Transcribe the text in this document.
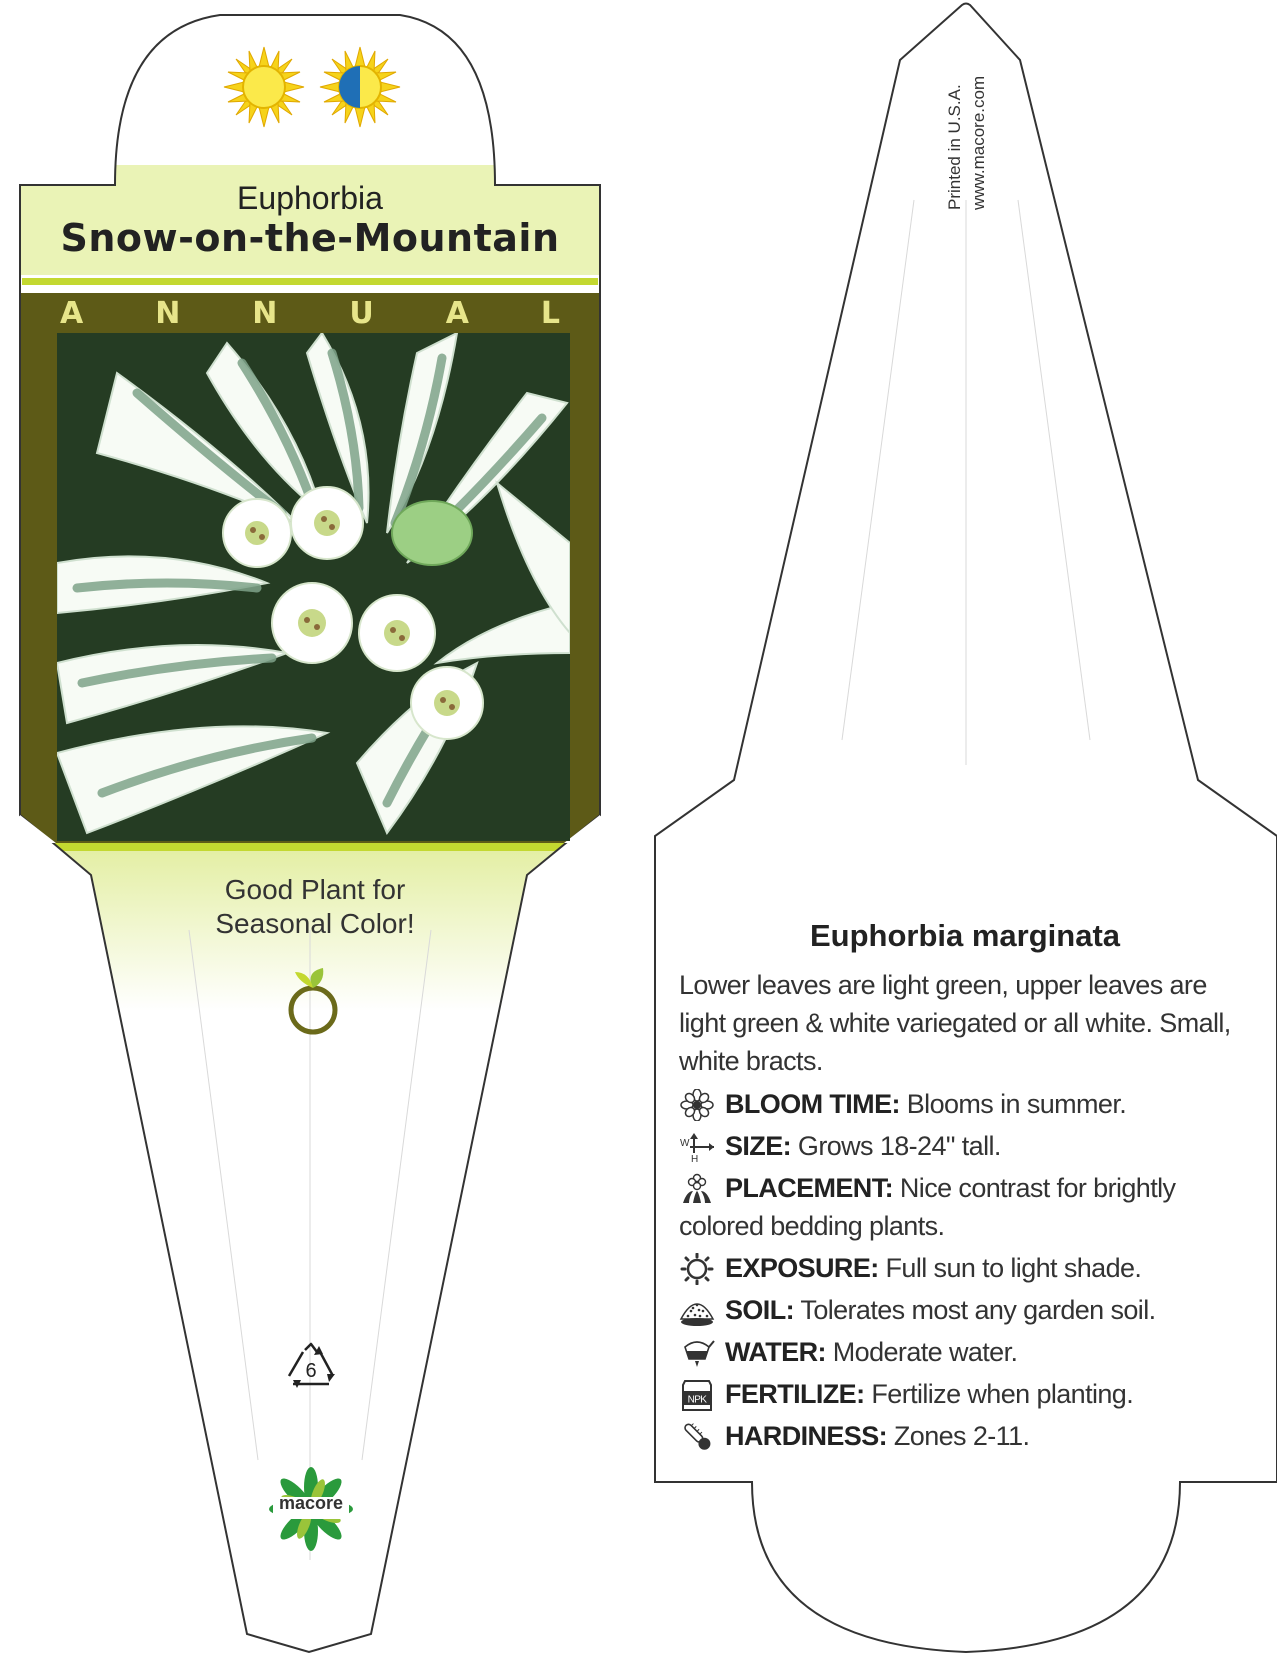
Euphorbia
Snow-on-the-Mountain
A N N U A L
Good Plant for
Seasonal Color!
6
macore
Printed in U.S.A. www.macore.com
Euphorbia marginata
Lower leaves are light green, upper leaves are light green & white variegated or all white. Small, white bracts.
BLOOM TIME: Blooms in summer.
W
H SIZE: Grows 18-24" tall.
PLACEMENT: Nice contrast for brightly colored bedding plants.
EXPOSURE: Full sun to light shade.
SOIL: Tolerates most any garden soil.
WATER: Moderate water.
NPK FERTILIZE: Fertilize when planting.
HARDINESS: Zones 2-11.
